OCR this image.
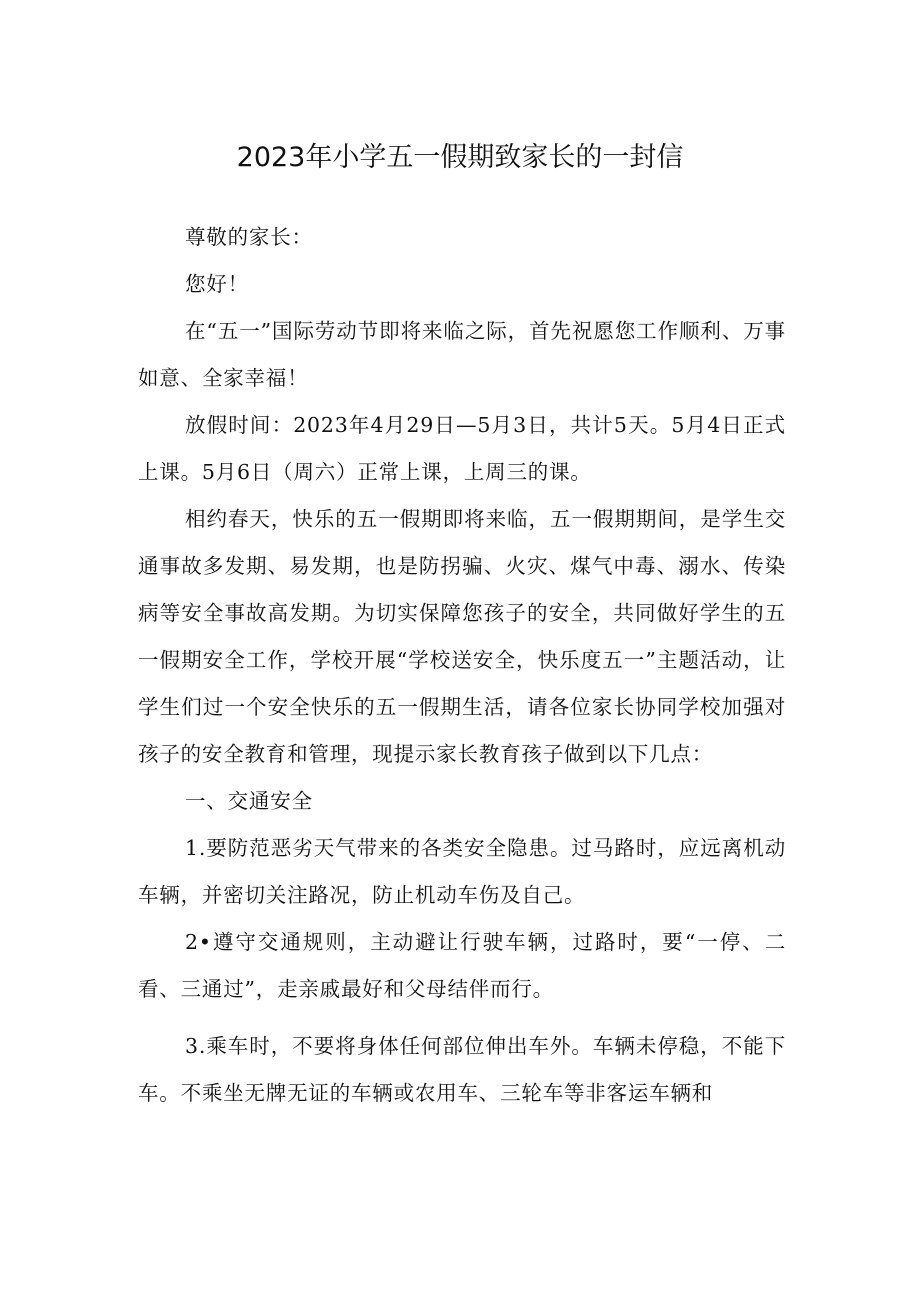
2023年小学五一假期致家长的一封信

尊敬的家长：

您好！

在“五一”国际劳动节即将来临之际，首先祝愿您工作顺利、万事如意、全家幸福！

放假时间：2023年4月29日—5月3日，共计5天。5月4日正式上课。5月6日（周六）正常上课，上周三的课。

相约春天，快乐的五一假期即将来临，五一假期期间，是学生交通事故多发期、易发期，也是防拐骗、火灾、煤气中毒、溺水、传染病等安全事故高发期。为切实保障您孩子的安全，共同做好学生的五一假期安全工作，学校开展“学校送安全，快乐度五一”主题活动，让学生们过一个安全快乐的五一假期生活，请各位家长协同学校加强对孩子的安全教育和管理，现提示家长教育孩子做到以下几点：

一、交通安全

1.要防范恶劣天气带来的各类安全隐患。过马路时，应远离机动车辆，并密切关注路况，防止机动车伤及自己。

2•遵守交通规则，主动避让行驶车辆，过路时，要“一停、二看、三通过”，走亲戚最好和父母结伴而行。

3.乘车时，不要将身体任何部位伸出车外。车辆未停稳，不能下车。不乘坐无牌无证的车辆或农用车、三轮车等非客运车辆和
